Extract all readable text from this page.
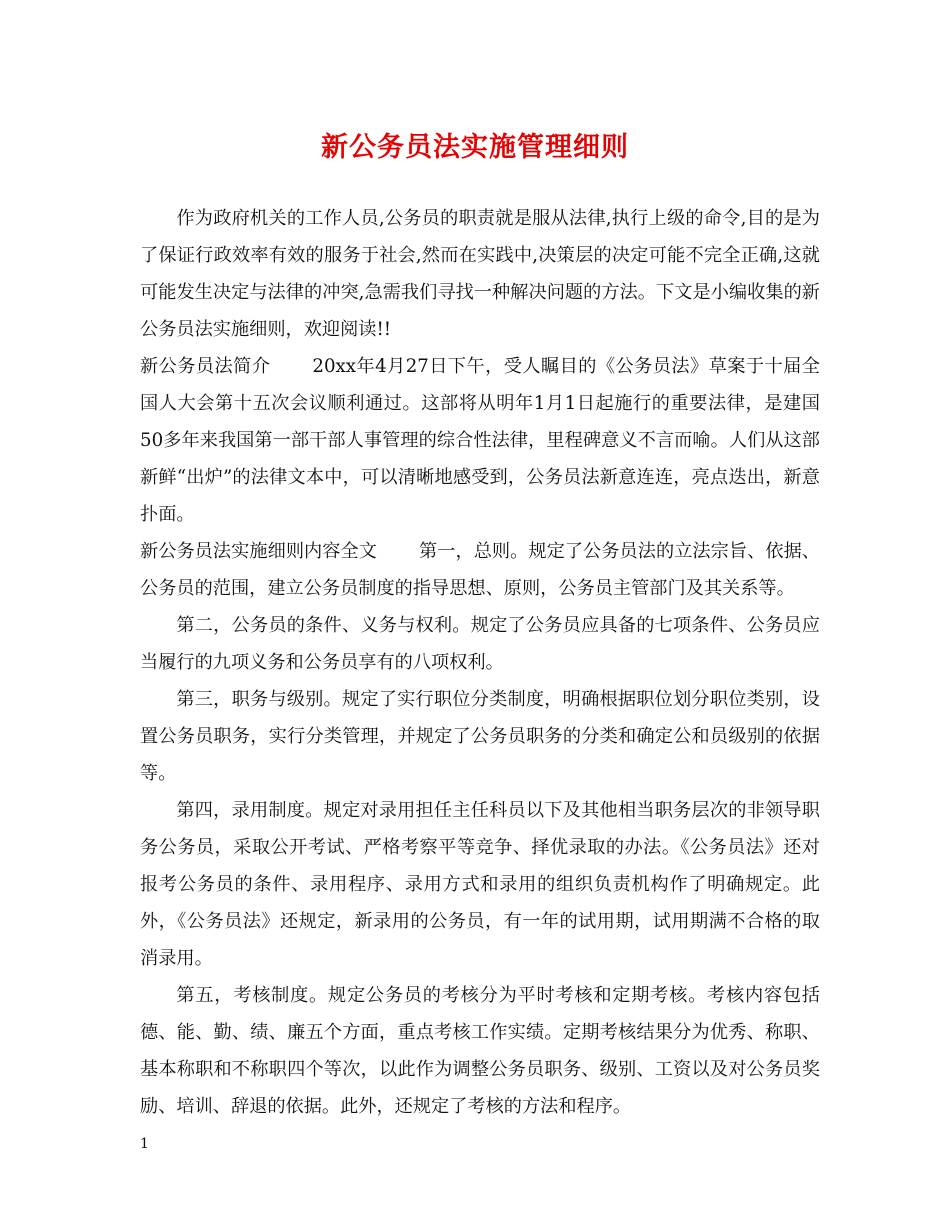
新公务员法实施管理细则

作为政府机关的工作人员,公务员的职责就是服从法律,执行上级的命令,目的是为了保证行政效率有效的服务于社会,然而在实践中,决策层的决定可能不完全正确,这就可能发生决定与法律的冲突,急需我们寻找一种解决问题的方法。下文是小编收集的新公务员法实施细则，欢迎阅读!!

新公务员法简介 20xx年4月27日下午，受人瞩目的《公务员法》草案于十届全国人大会第十五次会议顺利通过。这部将从明年1月1日起施行的重要法律，是建国50多年来我国第一部干部人事管理的综合性法律，里程碑意义不言而喻。人们从这部新鲜“出炉”的法律文本中，可以清晰地感受到，公务员法新意连连，亮点迭出，新意扑面。

新公务员法实施细则内容全文 第一，总则。规定了公务员法的立法宗旨、依据、公务员的范围，建立公务员制度的指导思想、原则，公务员主管部门及其关系等。

第二，公务员的条件、义务与权利。规定了公务员应具备的七项条件、公务员应当履行的九项义务和公务员享有的八项权利。

第三，职务与级别。规定了实行职位分类制度，明确根据职位划分职位类别，设置公务员职务，实行分类管理，并规定了公务员职务的分类和确定公和员级别的依据等。

第四，录用制度。规定对录用担任主任科员以下及其他相当职务层次的非领导职务公务员，采取公开考试、严格考察平等竞争、择优录取的办法。《公务员法》还对报考公务员的条件、录用程序、录用方式和录用的组织负责机构作了明确规定。此外，《公务员法》还规定，新录用的公务员，有一年的试用期，试用期满不合格的取消录用。

第五，考核制度。规定公务员的考核分为平时考核和定期考核。考核内容包括德、能、勤、绩、廉五个方面，重点考核工作实绩。定期考核结果分为优秀、称职、基本称职和不称职四个等次，以此作为调整公务员职务、级别、工资以及对公务员奖励、培训、辞退的依据。此外，还规定了考核的方法和程序。

1
